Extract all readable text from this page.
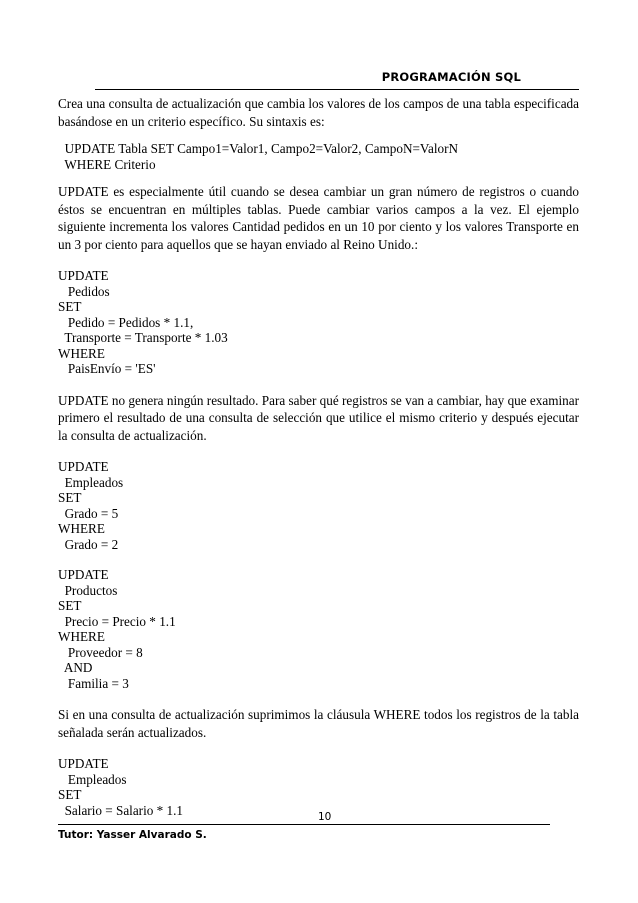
PROGRAMACIÓN SQL

Crea una consulta de actualización que cambia los valores de los campos de una tabla especificada basándose en un criterio específico. Su sintaxis es:

UPDATE Tabla SET Campo1=Valor1, Campo2=Valor2, CampoN=ValorN
WHERE Criterio

UPDATE es especialmente útil cuando se desea cambiar un gran número de registros o cuando éstos se encuentran en múltiples tablas. Puede cambiar varios campos a la vez. El ejemplo siguiente incrementa los valores Cantidad pedidos en un 10 por ciento y los valores Transporte en un 3 por ciento para aquellos que se hayan enviado al Reino Unido.:

UPDATE
Pedidos
SET
Pedido = Pedidos * 1.1,
Transporte = Transporte * 1.03
WHERE
PaisEnvío = 'ES'

UPDATE no genera ningún resultado. Para saber qué registros se van a cambiar, hay que examinar primero el resultado de una consulta de selección que utilice el mismo criterio y después ejecutar la consulta de actualización.

UPDATE
Empleados
SET
Grado = 5
WHERE
Grado = 2
UPDATE
Productos
SET
Precio = Precio * 1.1
WHERE
Proveedor = 8
AND
Familia = 3

Si en una consulta de actualización suprimimos la cláusula WHERE todos los registros de la tabla señalada serán actualizados.

UPDATE
Empleados
SET
Salario = Salario * 1.1	10
Tutor: Yasser Alvarado S.
